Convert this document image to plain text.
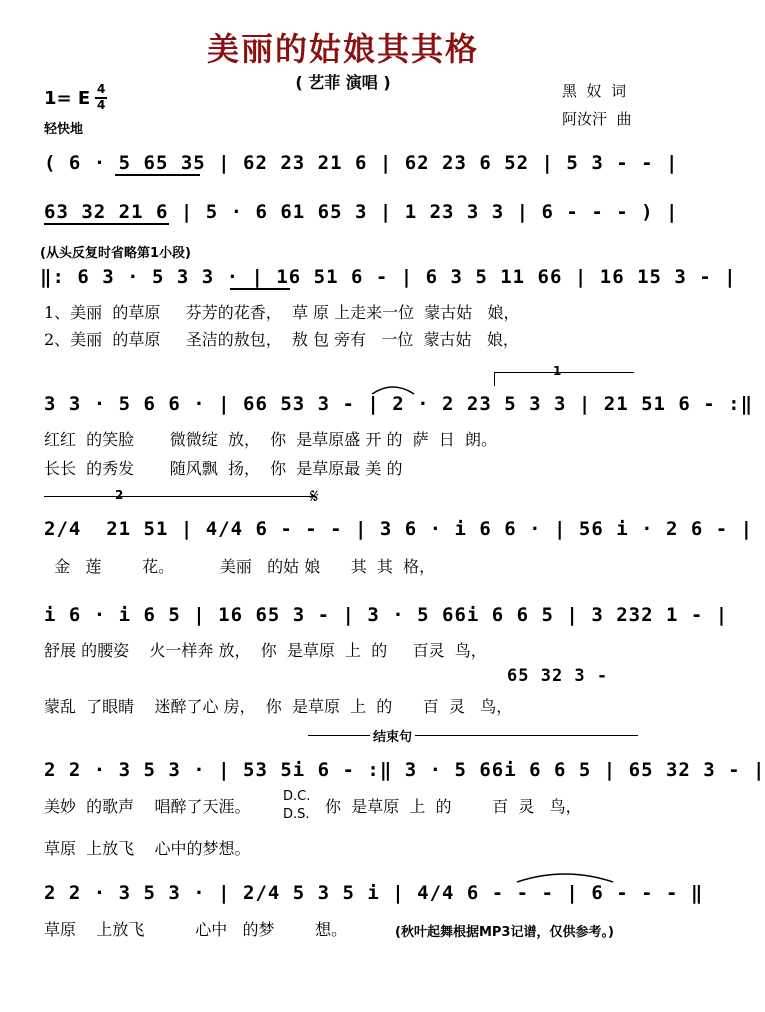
美丽的姑娘其其格
( 艺菲 演唱 )	黑  奴  词
阿汝汗  曲
1= E 4
4
轻快地
( 6 · 5 65 35 | 62 23 21 6 | 62 23 6 52 | 5 3 - - |
63 32 21 6 | 5 · 6 61 65 3 | 1 23 3 3 | 6 - - - ) |
(从头反复时省略第1小段)
‖: 6 3 · 5 3 3 · | 16 51 6 - | 6 3 5 11 66 | 16 15 3 - |
1、美丽  的草原     芬芳的花香，  草 原 上走来一位  蒙古姑   娘，
2、美丽  的草原     圣洁的敖包，  敖 包 旁有   一位  蒙古姑   娘，
3 3 · 5 6 6 · | 66 53 3 - | 2 · 2 23 5 3 3 | 21 51 6 - :‖
红红  的笑脸       微微绽  放，  你  是草原盛 开 的  萨  日  朗。
长长  的秀发       随风飘  扬，  你  是草原最 美 的
1
2	𝄋
2/4  21 51 | 4/4 6 - - - | 3 6 · i 6 6 · | 56 i · 2 6 - |
金   莲        花。         美丽   的姑 娘      其  其  格，
i 6 · i 6 5 | 16 65 3 - | 3 · 5 66i 6 6 5 | 3 232 1 - |
舒展 的腰姿    火一样奔 放，  你  是草原  上  的     百灵  鸟，
65 32 3 -
蒙乱  了眼睛    迷醉了心 房，  你  是草原  上  的      百  灵   鸟，
结束句
2 2 · 3 5 3 · | 53 5i 6 - :‖ 3 · 5 66i 6 6 5 | 65 32 3 - |
美妙  的歌声    唱醉了天涯。
D.C.
D.S. 你  是草原  上  的        百  灵   鸟，
草原  上放飞    心中的梦想。
2 2 · 3 5 3 · | 2/4 5 3 5 i | 4/4 6 - - - | 6 - - - ‖
草原    上放飞          心中   的梦        想。	(秋叶起舞根据MP3记谱，仅供参考。)
